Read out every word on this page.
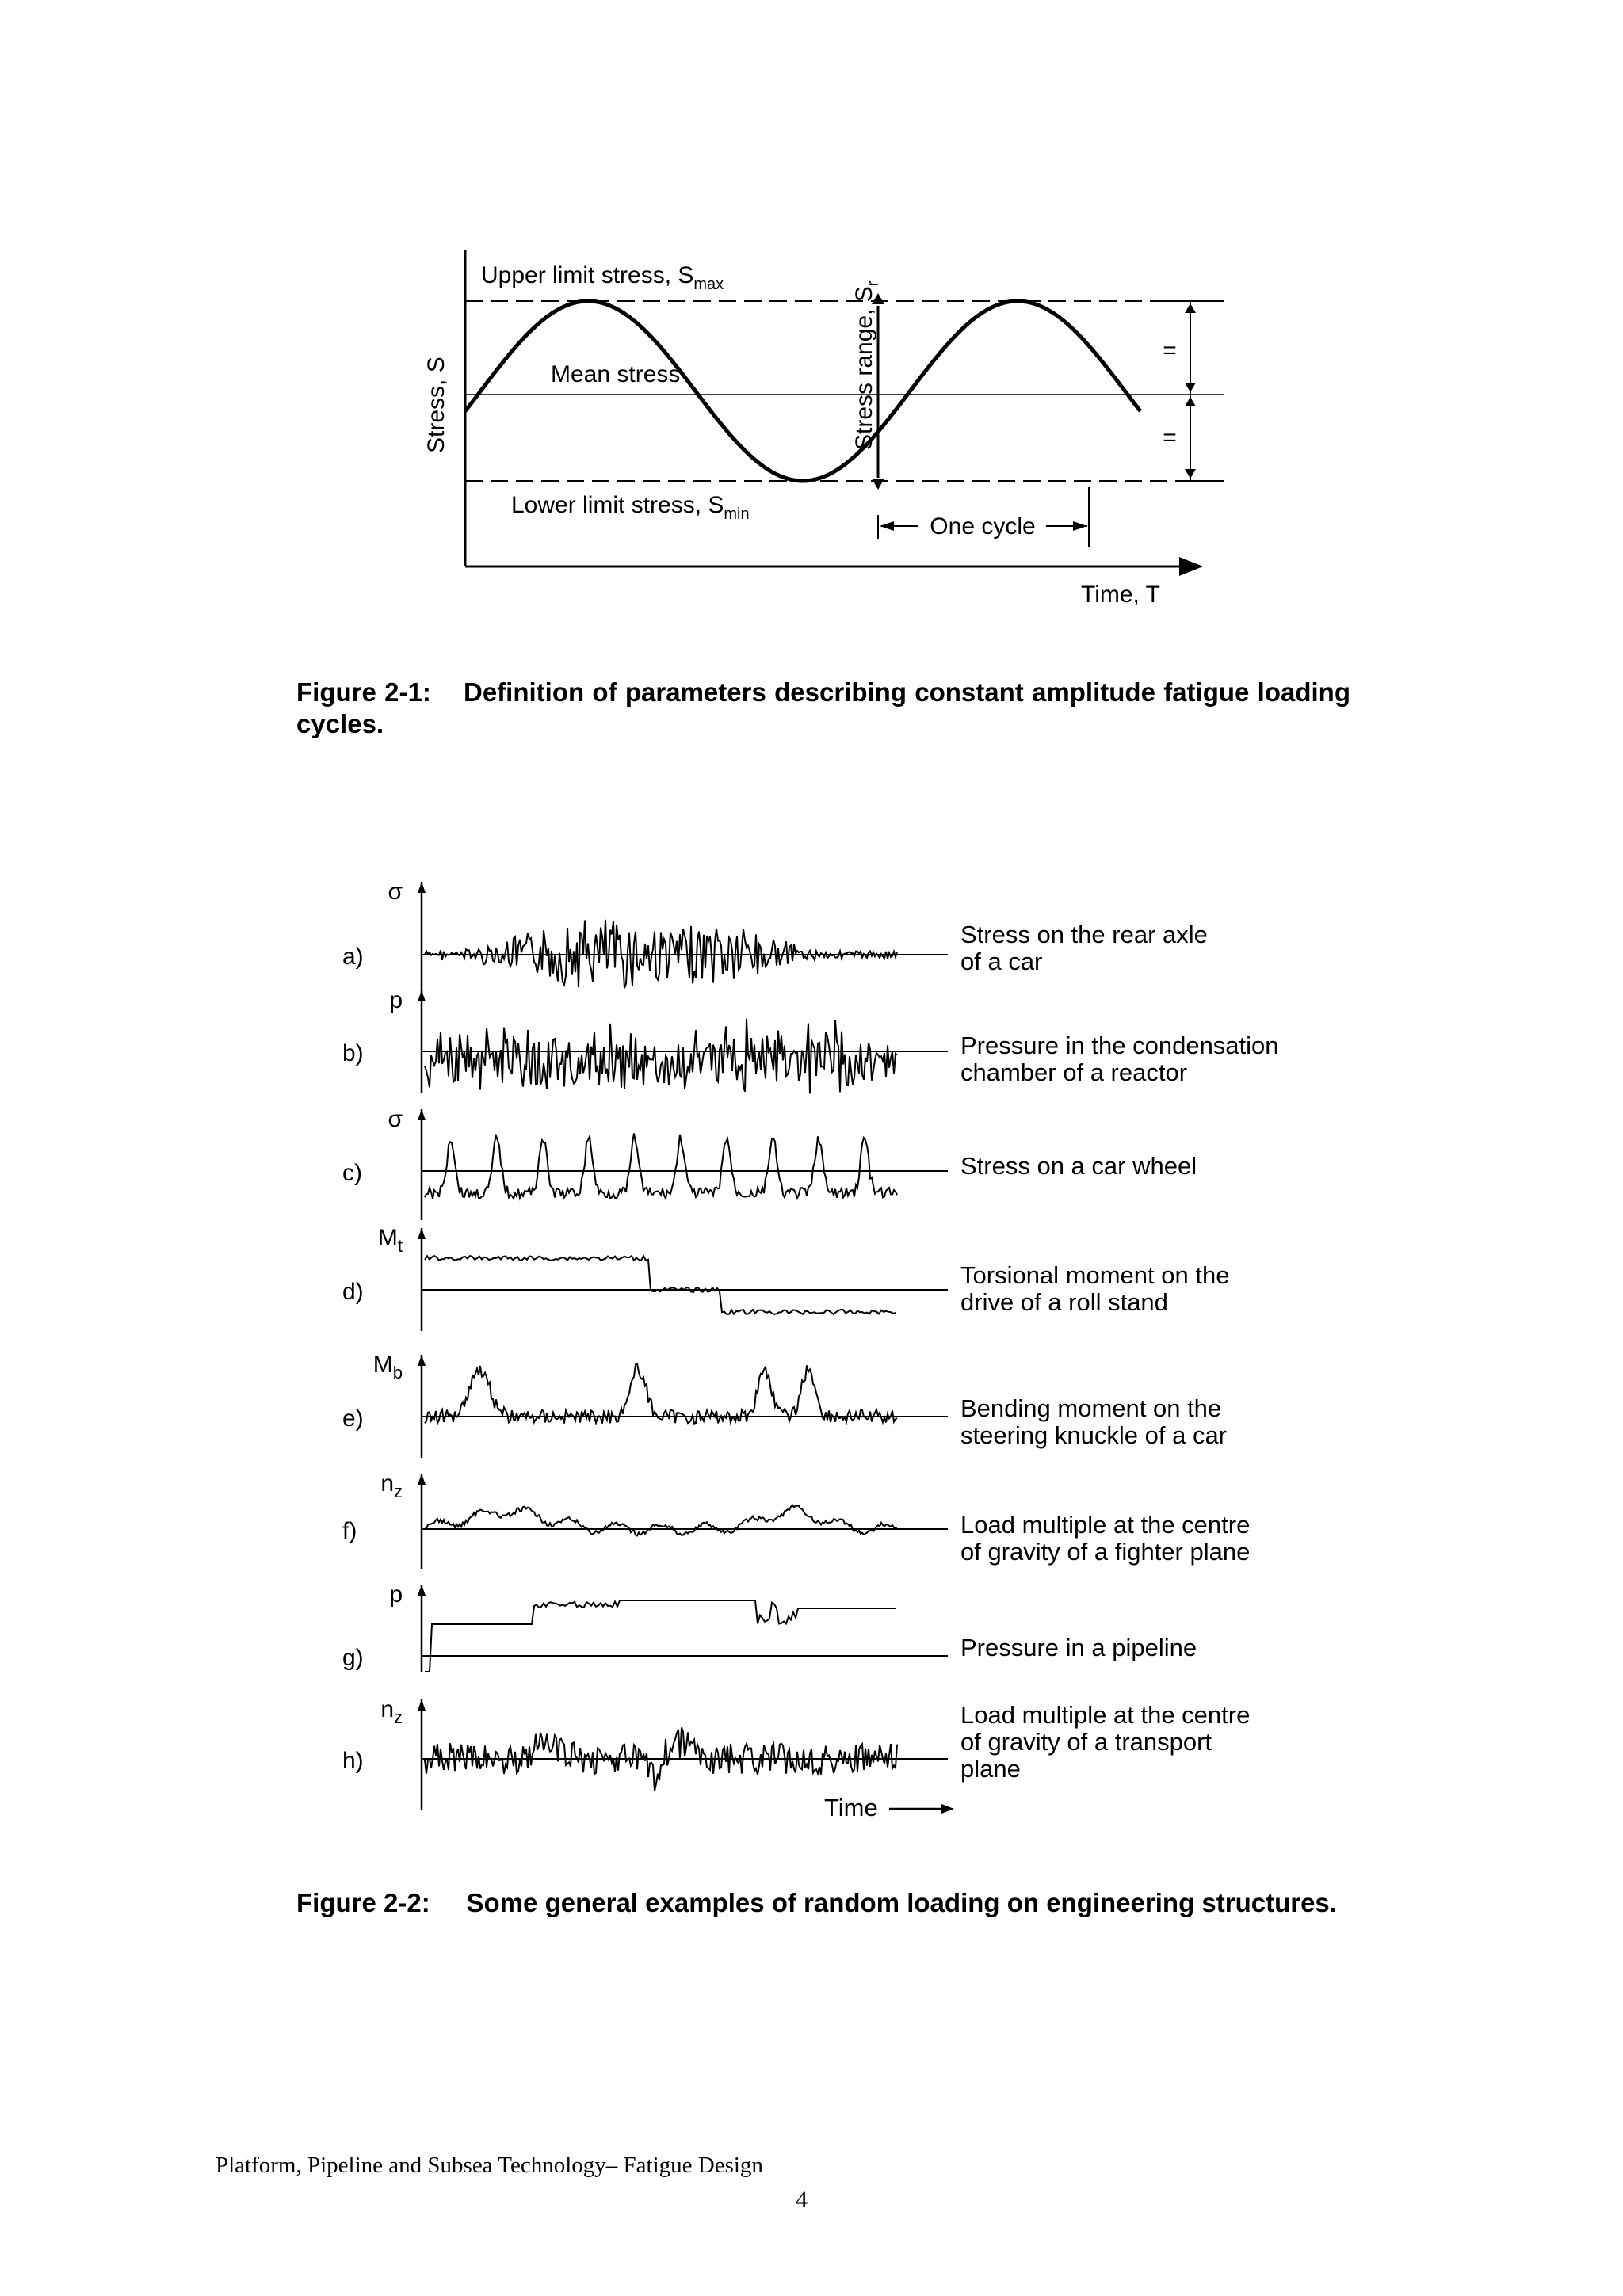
=
=
One cycle
Upper limit stress, $S_{max}$
Mean stress
Lower limit stress, $S_{min}$
Stress range, $S_r$
Stress, S
Time, T
Figure 2-1: Definition of parameters describing constant amplitude fatigue loading cycles.
a)
σ
Stress on the rear axle of a car
b)
p
Pressure in the condensation chamber of a reactor
c)
σ
Stress on a car wheel
d)
$M_t$
Torsional moment on the drive of a roll stand
e)
$M_b$
Bending moment on the steering knuckle of a car
f)
$n_z$
Load multiple at the centre of gravity of a fighter plane
g)
p
Pressure in a pipeline
h)
$n_z$	Load multiple at the centre of gravity of a transport plane
Time
Figure 2-2: Some general examples of random loading on engineering structures.
Platform, Pipeline and Subsea Technology– Fatigue Design
4
